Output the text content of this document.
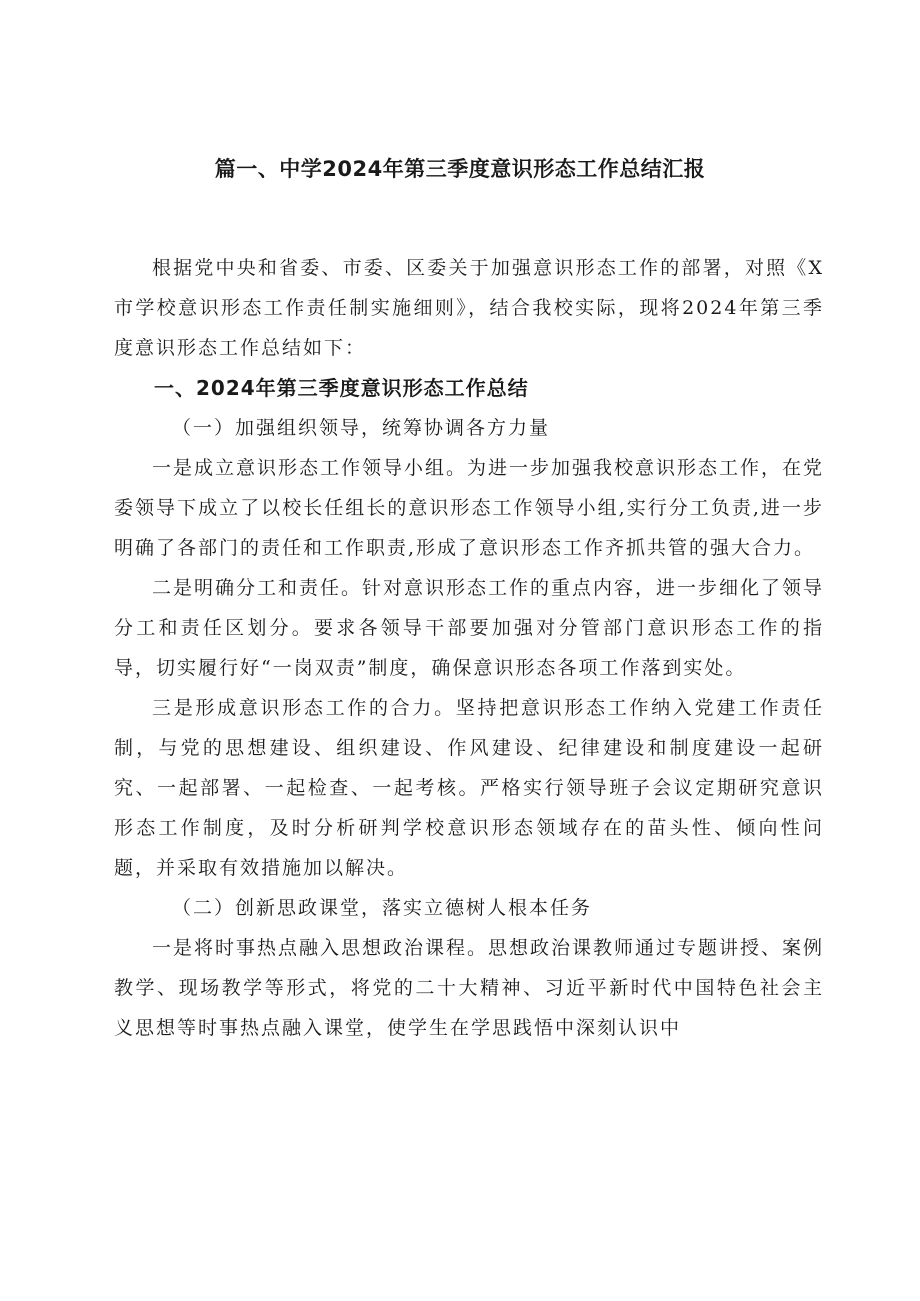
篇一、中学2024年第三季度意识形态工作总结汇报

根据党中央和省委、市委、区委关于加强意识形态工作的部署，对照《X市学校意识形态工作责任制实施细则》，结合我校实际，现将2024年第三季度意识形态工作总结如下：

一、2024年第三季度意识形态工作总结

（一）加强组织领导，统筹协调各方力量

一是成立意识形态工作领导小组。为进一步加强我校意识形态工作，在党委领导下成立了以校长任组长的意识形态工作领导小组,实行分工负责,进一步明确了各部门的责任和工作职责,形成了意识形态工作齐抓共管的强大合力。

二是明确分工和责任。针对意识形态工作的重点内容，进一步细化了领导分工和责任区划分。要求各领导干部要加强对分管部门意识形态工作的指导，切实履行好“一岗双责”制度，确保意识形态各项工作落到实处。

三是形成意识形态工作的合力。坚持把意识形态工作纳入党建工作责任制，与党的思想建设、组织建设、作风建设、纪律建设和制度建设一起研究、一起部署、一起检查、一起考核。严格实行领导班子会议定期研究意识形态工作制度，及时分析研判学校意识形态领域存在的苗头性、倾向性问题，并采取有效措施加以解决。

（二）创新思政课堂，落实立德树人根本任务

一是将时事热点融入思想政治课程。思想政治课教师通过专题讲授、案例教学、现场教学等形式，将党的二十大精神、习近平新时代中国特色社会主义思想等时事热点融入课堂，使学生在学思践悟中深刻认识中
